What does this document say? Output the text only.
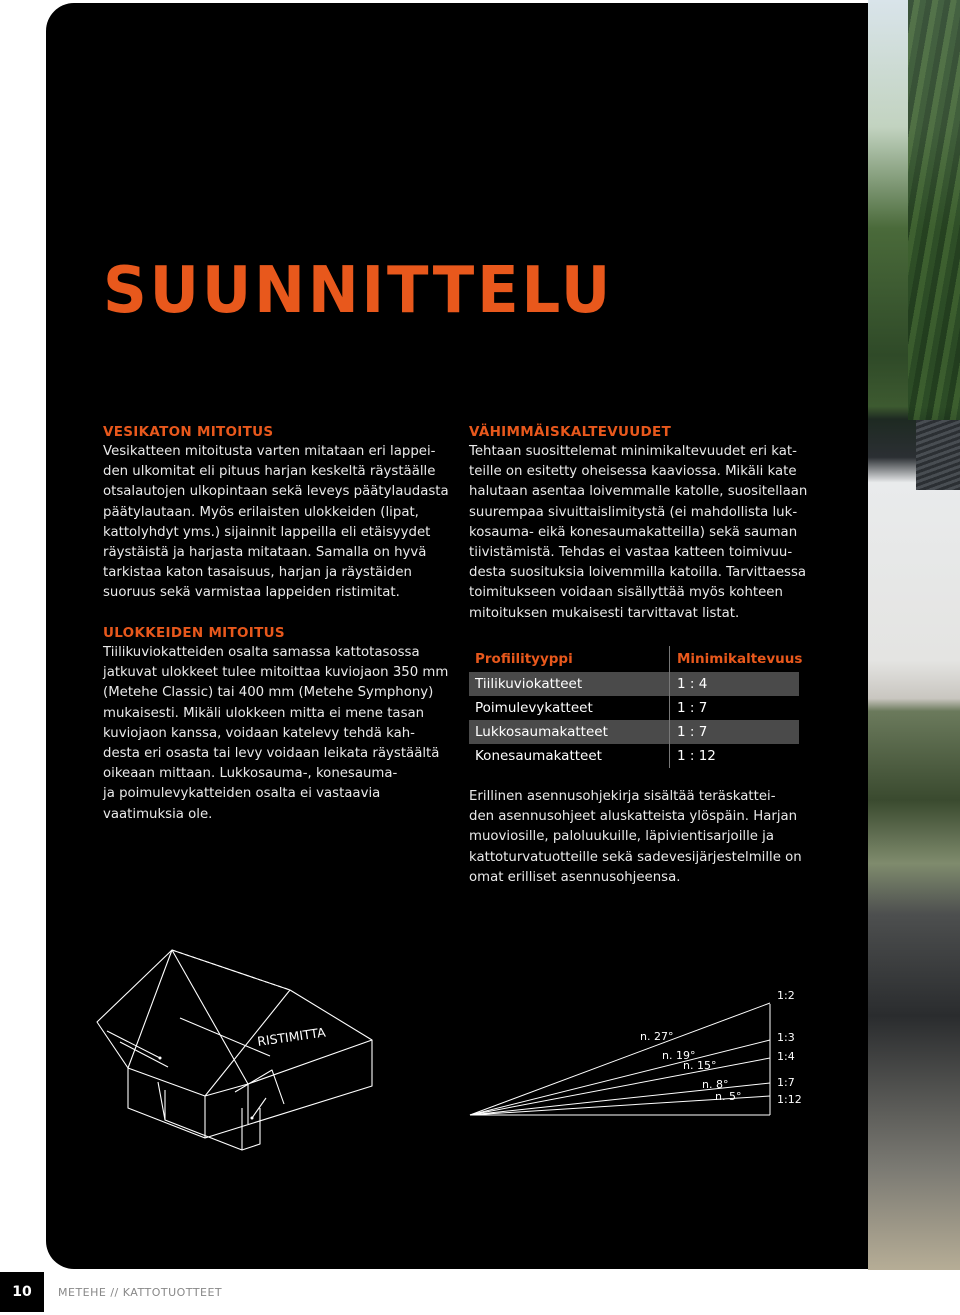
SUUNNITTELU
VESIKATON MITOITUS
Vesikatteen mitoitusta varten mitataan eri lappei-
den ulkomitat eli pituus harjan keskeltä räystäälle
otsalautojen ulkopintaan sekä leveys päätylaudasta
päätylautaan. Myös erilaisten ulokkeiden (lipat,
kattolyhdyt yms.) sijainnit lappeilla eli etäisyydet
räystäistä ja harjasta mitataan. Samalla on hyvä
tarkistaa katon tasaisuus, harjan ja räystäiden
suoruus sekä varmistaa lappeiden ristimitat.
ULOKKEIDEN MITOITUS
Tiilikuviokatteiden osalta samassa kattotasossa
jatkuvat ulokkeet tulee mitoittaa kuviojaon 350 mm
(Metehe Classic) tai 400 mm (Metehe Symphony)
mukaisesti. Mikäli ulokkeen mitta ei mene tasan
kuviojaon kanssa, voidaan katelevy tehdä kah-
desta eri osasta tai levy voidaan leikata räystäältä
oikeaan mittaan. Lukkosauma-, konesauma-
ja poimulevykatteiden osalta ei vastaavia
vaatimuksia ole.
VÄHIMMÄISKALTEVUUDET
Tehtaan suosittelemat minimikaltevuudet eri kat-
teille on esitetty oheisessa kaaviossa. Mikäli kate
halutaan asentaa loivemmalle katolle, suositellaan
suurempaa sivuittaislimitystä (ei mahdollista luk-
kosauma- eikä konesaumakatteilla) sekä sauman
tiivistämistä. Tehdas ei vastaa katteen toimivuu-
desta suosituksia loivemmilla katoilla. Tarvittaessa
toimitukseen voidaan sisällyttää myös kohteen
mitoituksen mukaisesti tarvittavat listat.
Profiilityyppi	Minimikaltevuus
Tiilikuviokatteet	1 : 4
Poimulevykatteet	1 : 7
Lukkosaumakatteet	1 : 7
Konesaumakatteet	1 : 12
Erillinen asennusohjekirja sisältää teräskattei-
den asennusohjeet aluskatteista ylöspäin. Harjan
muoviosille, paloluukuille, läpivientisarjoille ja
kattoturvatuotteille sekä sadevesijärjestelmille on
omat erilliset asennusohjeensa.
RISTIMITTA
1:2
1:3
1:4
1:7
1:12
n. 27°
n. 19°
n. 15°
n. 8°
n. 5°
10	METEHE // KATTOTUOTTEET
